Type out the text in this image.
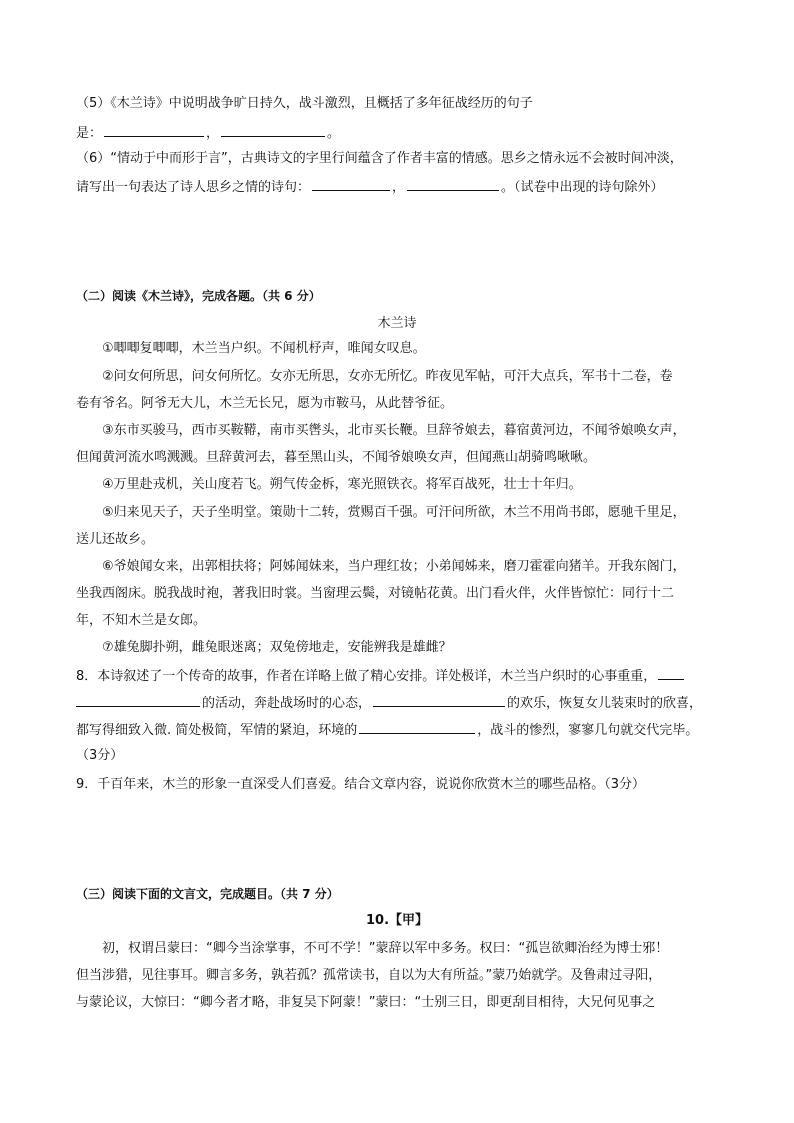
（5）《木兰诗》中说明战争旷日持久，战斗激烈，且概括了多年征战经历的句子
是：	，	。
（6）“情动于中而形于言”，古典诗文的字里行间蕴含了作者丰富的情感。思乡之情永远不会被时间冲淡，
请写出一句表达了诗人思乡之情的诗句：	，	。（试卷中出现的诗句除外）
（二）阅读《木兰诗》，完成各题。（共 6 分）
木兰诗
①唧唧复唧唧，木兰当户织。不闻机杼声，唯闻女叹息。
②问女何所思，问女何所忆。女亦无所思，女亦无所忆。昨夜见军帖，可汗大点兵，军书十二卷，卷
卷有爷名。阿爷无大儿，木兰无长兄，愿为市鞍马，从此替爷征。
③东市买骏马，西市买鞍鞯，南市买辔头，北市买长鞭。旦辞爷娘去，暮宿黄河边，不闻爷娘唤女声，
但闻黄河流水鸣溅溅。旦辞黄河去，暮至黑山头，不闻爷娘唤女声，但闻燕山胡骑鸣啾啾。
④万里赴戎机，关山度若飞。朔气传金柝，寒光照铁衣。将军百战死，壮士十年归。
⑤归来见天子，天子坐明堂。策勋十二转，赏赐百千强。可汗问所欲，木兰不用尚书郎，愿驰千里足，
送儿还故乡。
⑥爷娘闻女来，出郭相扶将；阿姊闻妹来，当户理红妆；小弟闻姊来，磨刀霍霍向猪羊。开我东阁门，
坐我西阁床。脱我战时袍，著我旧时裳。当窗理云鬓，对镜帖花黄。出门看火伴，火伴皆惊忙：同行十二
年，不知木兰是女郎。
⑦雄兔脚扑朔，雌兔眼迷离；双兔傍地走，安能辨我是雄雌？
8．本诗叙述了一个传奇的故事，作者在详略上做了精心安排。详处极详，木兰当户织时的心事重重，
的活动，奔赴战场时的心态，	的欢乐，恢复女儿装束时的欣喜，
都写得细致入微. 简处极简，军情的紧迫，环境的	，战斗的惨烈，寥寥几句就交代完毕。
（3分）
9．千百年来，木兰的形象一直深受人们喜爱。结合文章内容，说说你欣赏木兰的哪些品格。（3分）
（三）阅读下面的文言文，完成题目。（共 7 分）
10.【甲】
初，权谓吕蒙曰：“卿今当涂掌事，不可不学！”蒙辞以军中多务。权曰：“孤岂欲卿治经为博士邪！
但当涉猎，见往事耳。卿言多务，孰若孤？孤常读书，自以为大有所益。”蒙乃始就学。及鲁肃过寻阳，
与蒙论议，大惊曰：“卿今者才略，非复吴下阿蒙！”蒙曰：“士别三日，即更刮目相待，大兄何见事之
